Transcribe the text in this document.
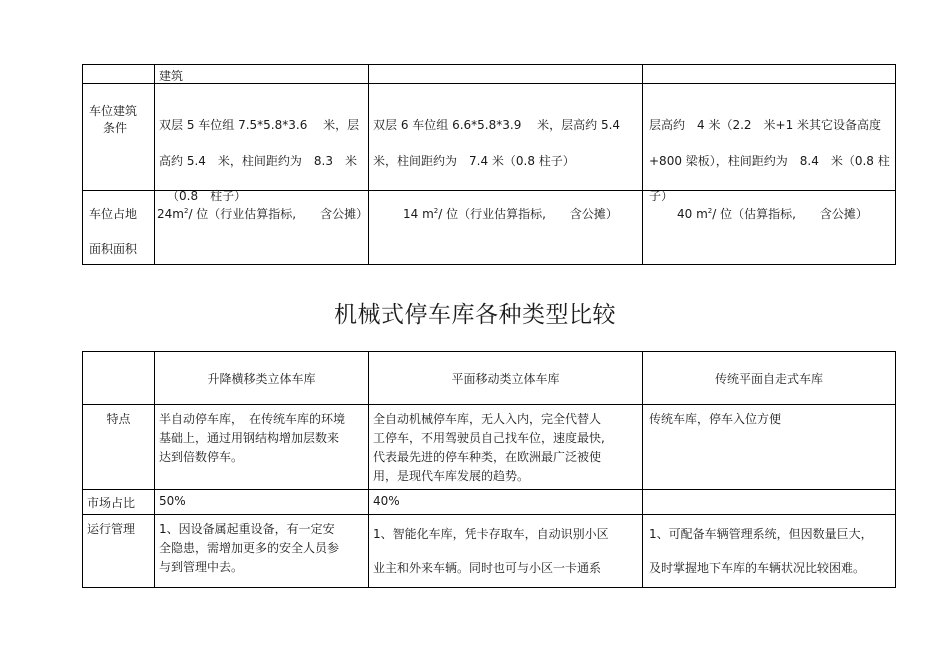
	建筑		

车位建筑
条件	双层 5 车位组 7.5*5.8*3.6　 米，层
高约 5.4　米，柱间距约为　8.3　米
（0.8　柱子）	双层 6 车位组 6.6*5.8*3.9　 米，层高约 5.4
米，柱间距约为　7.4 米（0.8 柱子）	层高约　4 米（2.2　米+1 米其它设备高度
+800 梁板），柱间距约为　8.4　米（0.8 柱
子）

车位占地
面积面积	$24m^2/$ 位（行业估算指标,　　含公摊）	14 $m^2/$ 位（行业估算指标,　　含公摊）	40 $m^2/$ 位（估算指标,　　含公摊）
机械式停车库各种类型比较

	升降横移类立体车库	平面移动类立体车库	传统平面自走式车库

特点	半自动停车库，　在传统车库的环境
基础上，通过用钢结构增加层数来
达到倍数停车。	全自动机械停车库，无人入内，完全代替人
工停车，不用驾驶员自己找车位，速度最快,
代表最先进的停车种类，在欧洲最广泛被使
用，是现代车库发展的趋势。	传统车库，停车入位方便

市场占比	50%	40%	

运行管理	1、因设备属起重设备，有一定安
全隐患，需增加更多的安全人员参
与到管理中去。	1、智能化车库，凭卡存取车，自动识别小区
业主和外来车辆。同时也可与小区一卡通系	1、可配备车辆管理系统，但因数量巨大，
及时掌握地下车库的车辆状况比较困难。
